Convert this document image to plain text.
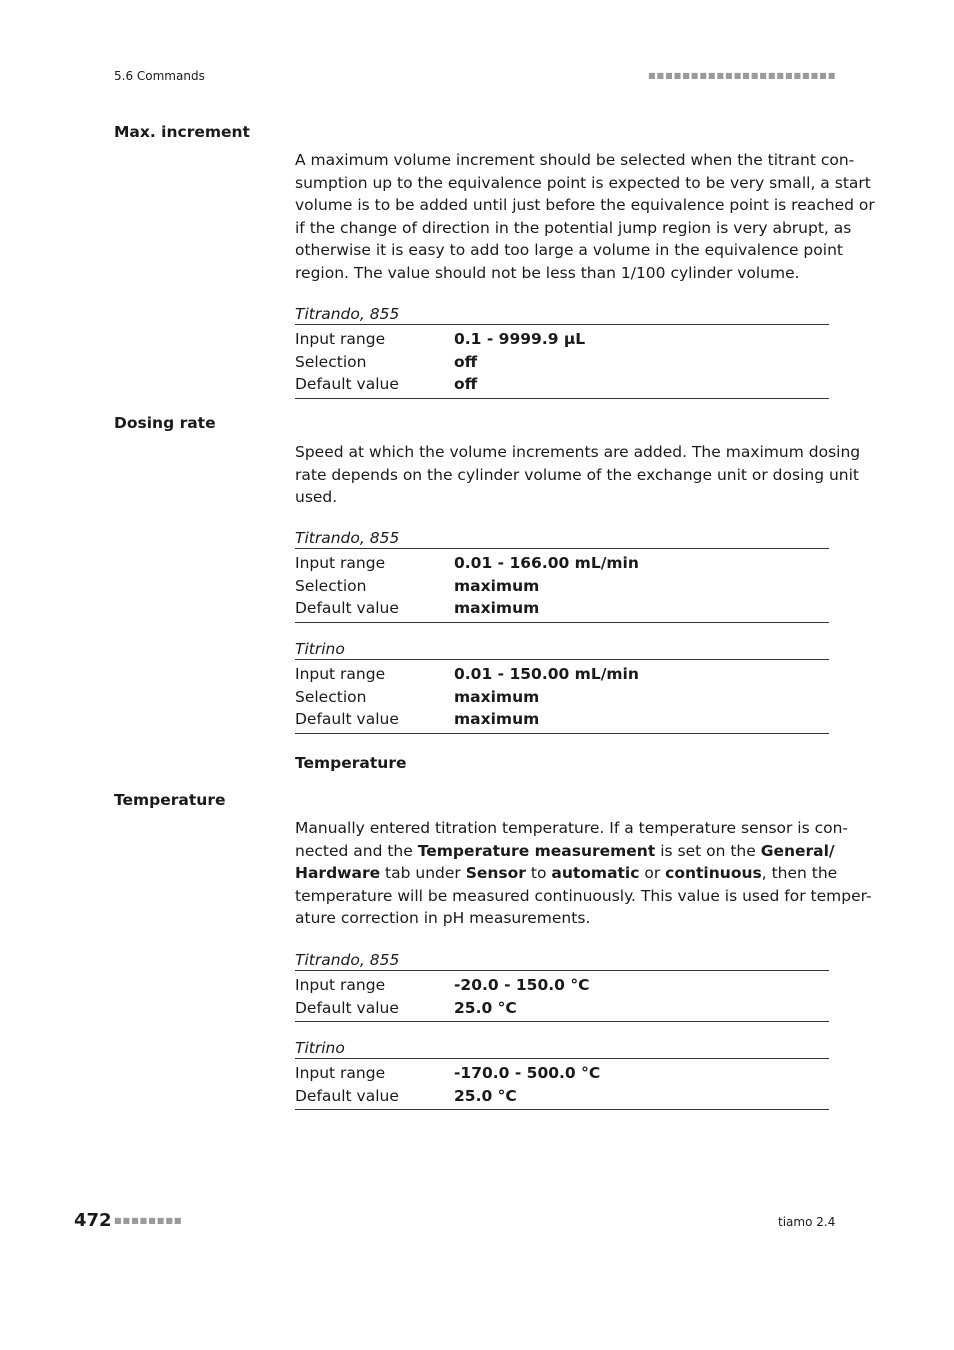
5.6 Commands	■■■■■■■■■■■■■■■■■■■■■■
Max. increment
A maximum volume increment should be selected when the titrant con-
sumption up to the equivalence point is expected to be very small, a start
volume is to be added until just before the equivalence point is reached or
if the change of direction in the potential jump region is very abrupt, as
otherwise it is easy to add too large a volume in the equivalence point
region. The value should not be less than 1/100 cylinder volume.
Titrando, 855
Input range	0.1 - 9999.9 µL
Selection	off
Default value	off
Dosing rate
Speed at which the volume increments are added. The maximum dosing
rate depends on the cylinder volume of the exchange unit or dosing unit
used.
Titrando, 855
Input range	0.01 - 166.00 mL/min
Selection	maximum
Default value	maximum
Titrino
Input range	0.01 - 150.00 mL/min
Selection	maximum
Default value	maximum
Temperature
Temperature
Manually entered titration temperature. If a temperature sensor is con-
nected and the Temperature measurement is set on the General/
Hardware tab under Sensor to automatic or continuous, then the
temperature will be measured continuously. This value is used for temper-
ature correction in pH measurements.
Titrando, 855
Input range	-20.0 - 150.0 °C
Default value	25.0 °C
Titrino
Input range	-170.0 - 500.0 °C
Default value	25.0 °C
472 ■■■■■■■■	tiamo 2.4
